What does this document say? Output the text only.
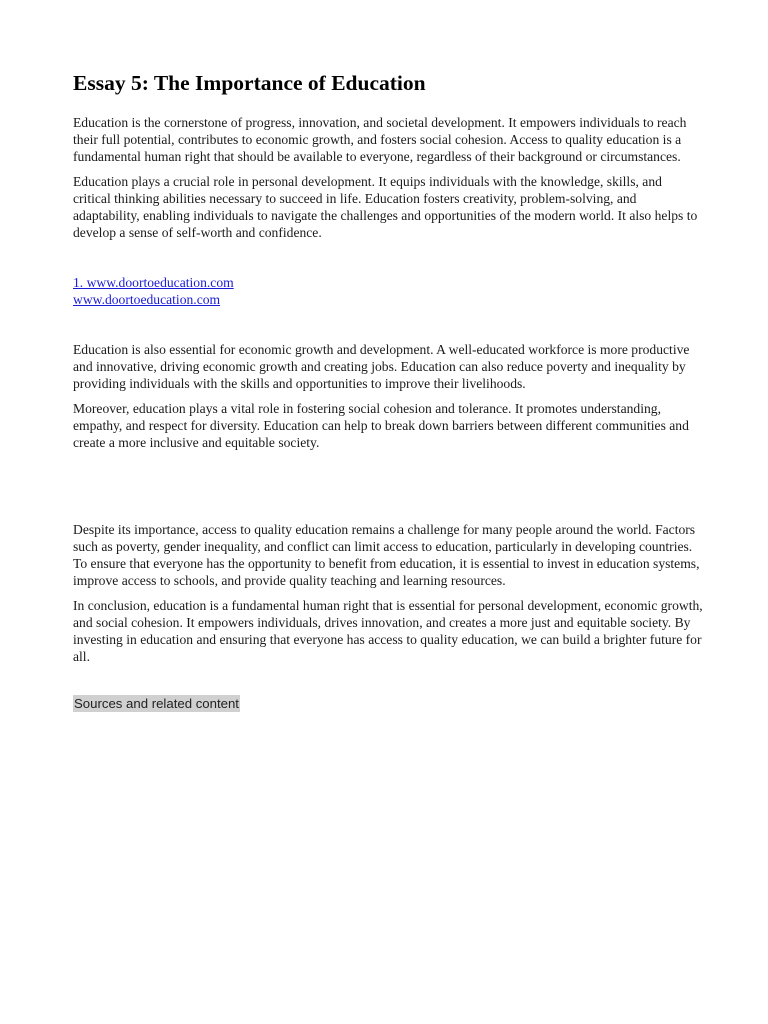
Essay 5: The Importance of Education

Education is the cornerstone of progress, innovation, and societal development. It empowers individuals to reach their full potential, contributes to economic growth, and fosters social cohesion. Access to quality education is a fundamental human right that should be available to everyone, regardless of their background or circumstances.

Education plays a crucial role in personal development. It equips individuals with the knowledge, skills, and critical thinking abilities necessary to succeed in life. Education fosters creativity, problem-solving, and adaptability, enabling individuals to navigate the challenges and opportunities of the modern world. It also helps to develop a sense of self-worth and confidence.

1. www.doortoeducation.com
www.doortoeducation.com

Education is also essential for economic growth and development. A well-educated workforce is more productive and innovative, driving economic growth and creating jobs. Education can also reduce poverty and inequality by providing individuals with the skills and opportunities to improve their livelihoods.

Moreover, education plays a vital role in fostering social cohesion and tolerance. It promotes understanding, empathy, and respect for diversity. Education can help to break down barriers between different communities and create a more inclusive and equitable society.

Despite its importance, access to quality education remains a challenge for many people around the world. Factors such as poverty, gender inequality, and conflict can limit access to education, particularly in developing countries. To ensure that everyone has the opportunity to benefit from education, it is essential to invest in education systems, improve access to schools, and provide quality teaching and learning resources.

In conclusion, education is a fundamental human right that is essential for personal development, economic growth, and social cohesion. It empowers individuals, drives innovation, and creates a more just and equitable society. By investing in education and ensuring that everyone has access to quality education, we can build a brighter future for all.

Sources and related content
